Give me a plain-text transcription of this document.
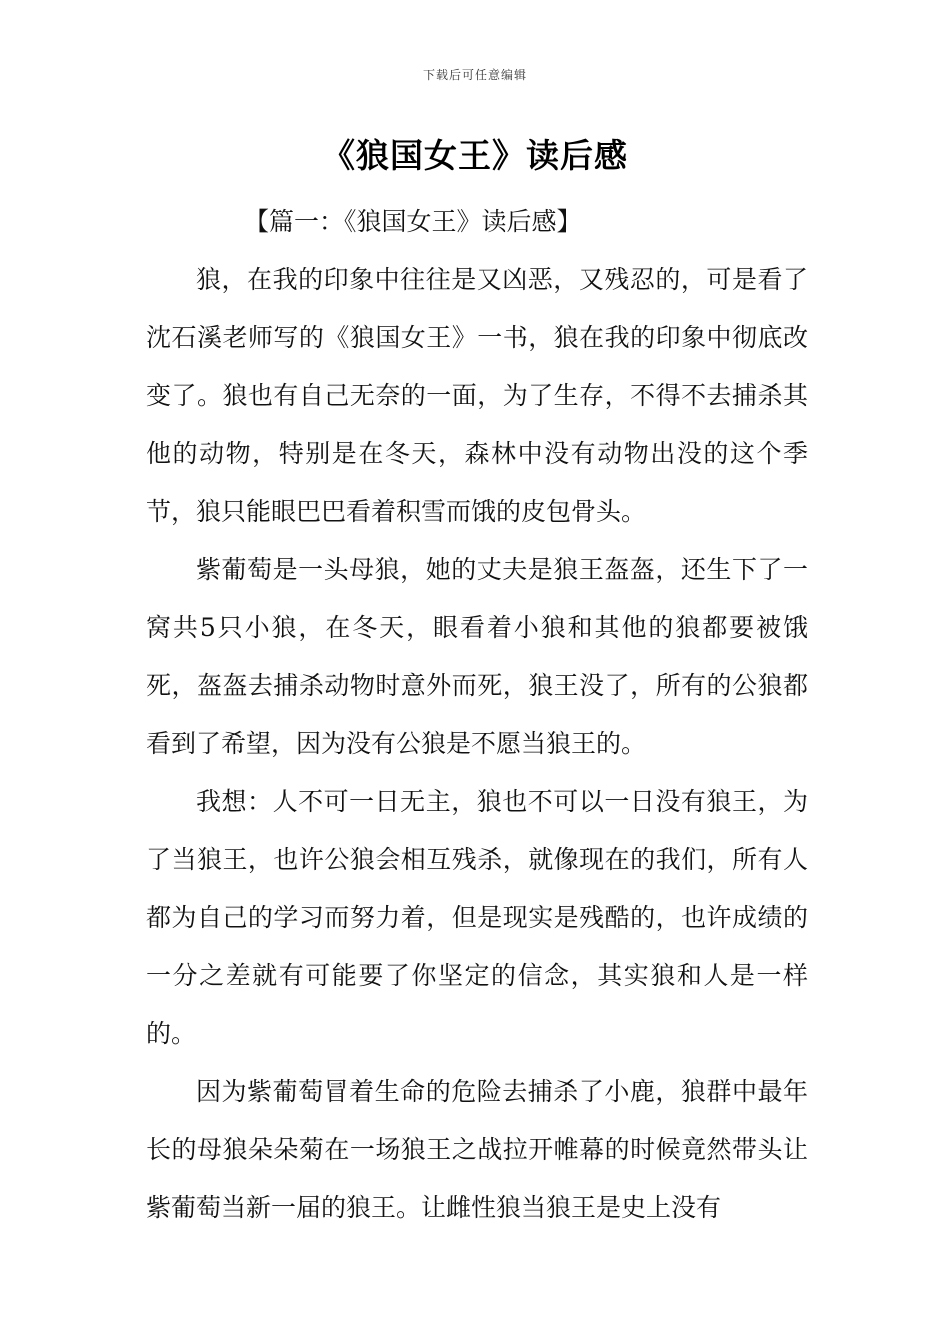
下载后可任意编辑
《狼国女王》读后感

【篇一：《狼国女王》读后感】

狼，在我的印象中往往是又凶恶，又残忍的，可是看了沈石溪老师写的《狼国女王》一书，狼在我的印象中彻底改变了。狼也有自己无奈的一面，为了生存，不得不去捕杀其他的动物，特别是在冬天，森林中没有动物出没的这个季节，狼只能眼巴巴看着积雪而饿的皮包骨头。

紫葡萄是一头母狼，她的丈夫是狼王盔盔，还生下了一窝共5只小狼，在冬天，眼看着小狼和其他的狼都要被饿死，盔盔去捕杀动物时意外而死，狼王没了，所有的公狼都看到了希望，因为没有公狼是不愿当狼王的。

我想：人不可一日无主，狼也不可以一日没有狼王，为了当狼王，也许公狼会相互残杀，就像现在的我们，所有人都为自己的学习而努力着，但是现实是残酷的，也许成绩的一分之差就有可能要了你坚定的信念，其实狼和人是一样的。

因为紫葡萄冒着生命的危险去捕杀了小鹿，狼群中最年长的母狼朵朵菊在一场狼王之战拉开帷幕的时候竟然带头让紫葡萄当新一届的狼王。让雌性狼当狼王是史上没有
